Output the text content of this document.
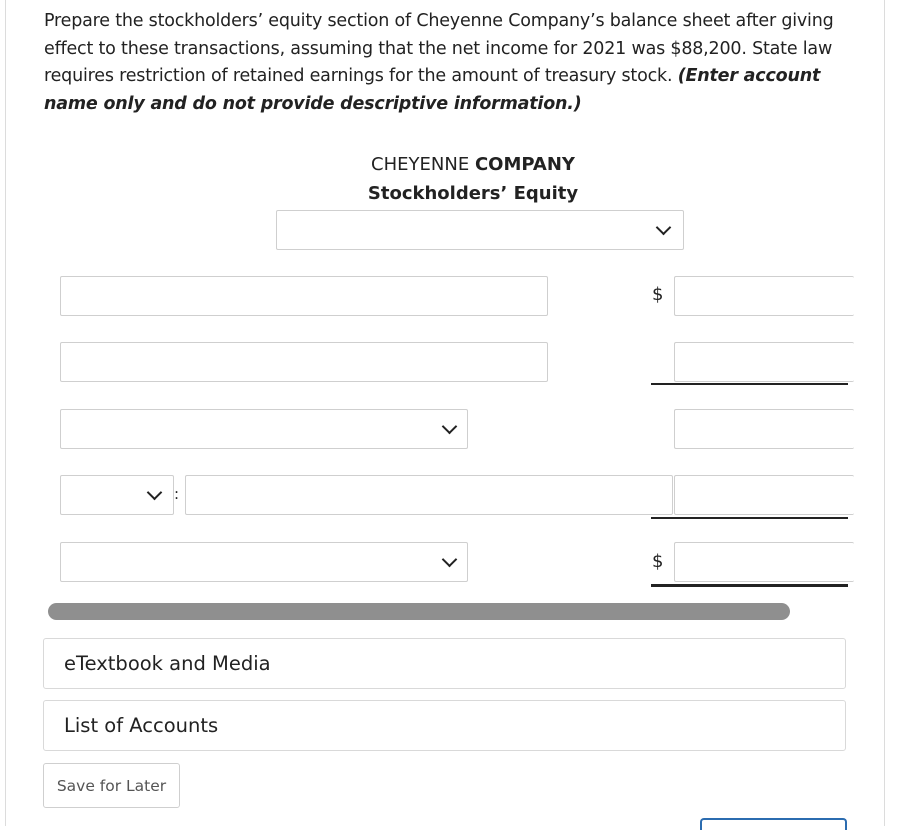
Prepare the stockholders’ equity section of Cheyenne Company’s balance sheet after giving effect to these transactions, assuming that the net income for 2021 was $88,200. State law requires restriction of retained earnings for the amount of treasury stock. (Enter account name only and do not provide descriptive information.)
CHEYENNE COMPANY
Stockholders’ Equity
$
:
$
eTextbook and Media
List of Accounts
Save for Later
